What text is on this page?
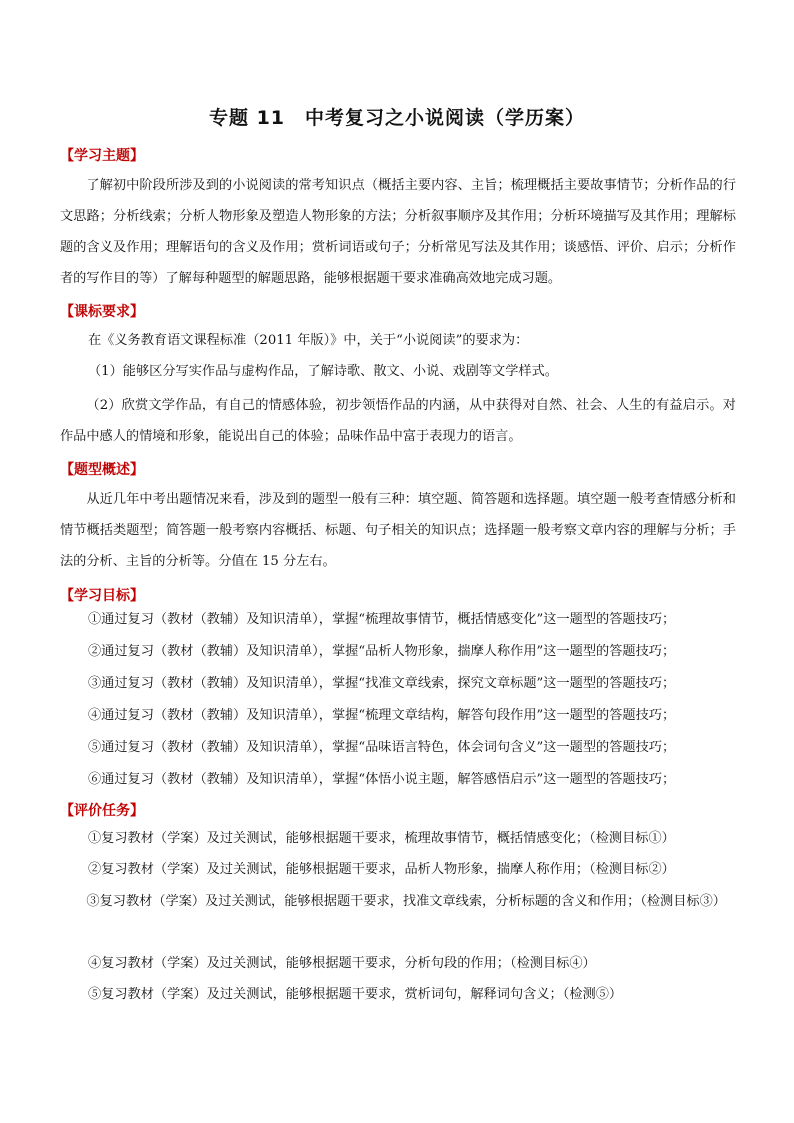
专题 11　中考复习之小说阅读（学历案）
【学习主题】

了解初中阶段所涉及到的小说阅读的常考知识点（概括主要内容、主旨；梳理概括主要故事情节；分析作品的行文思路；分析线索；分析人物形象及塑造人物形象的方法；分析叙事顺序及其作用；分析环境描写及其作用；理解标题的含义及作用；理解语句的含义及作用；赏析词语或句子；分析常见写法及其作用；谈感悟、评价、启示；分析作者的写作目的等）了解每种题型的解题思路，能够根据题干要求准确高效地完成习题。

【课标要求】
在《义务教育语文课程标准（2011 年版）》中，关于“小说阅读”的要求为：
（1）能够区分写实作品与虚构作品，了解诗歌、散文、小说、戏剧等文学样式。

（2）欣赏文学作品，有自己的情感体验，初步领悟作品的内涵，从中获得对自然、社会、人生的有益启示。对作品中感人的情境和形象，能说出自己的体验；品味作品中富于表现力的语言。

【题型概述】

从近几年中考出题情况来看，涉及到的题型一般有三种：填空题、简答题和选择题。填空题一般考查情感分析和情节概括类题型；简答题一般考察内容概括、标题、句子相关的知识点；选择题一般考察文章内容的理解与分析；手法的分析、主旨的分析等。分值在 15 分左右。

【学习目标】
①通过复习（教材（教辅）及知识清单），掌握“梳理故事情节，概括情感变化”这一题型的答题技巧；
②通过复习（教材（教辅）及知识清单），掌握“品析人物形象，揣摩人称作用”这一题型的答题技巧；
③通过复习（教材（教辅）及知识清单），掌握“找准文章线索，探究文章标题”这一题型的答题技巧；
④通过复习（教材（教辅）及知识清单），掌握“梳理文章结构，解答句段作用”这一题型的答题技巧；
⑤通过复习（教材（教辅）及知识清单），掌握“品味语言特色，体会词句含义”这一题型的答题技巧；
⑥通过复习（教材（教辅）及知识清单），掌握“体悟小说主题，解答感悟启示”这一题型的答题技巧；
【评价任务】
①复习教材（学案）及过关测试，能够根据题干要求，梳理故事情节，概括情感变化；（检测目标①）
②复习教材（学案）及过关测试，能够根据题干要求，品析人物形象，揣摩人称作用；（检测目标②）

③复习教材（学案）及过关测试，能够根据题干要求，找准文章线索，分析标题的含义和作用；（检测目标③）

④复习教材（学案）及过关测试，能够根据题干要求，分析句段的作用；（检测目标④）
⑤复习教材（学案）及过关测试，能够根据题干要求，赏析词句，解释词句含义；（检测⑤）
